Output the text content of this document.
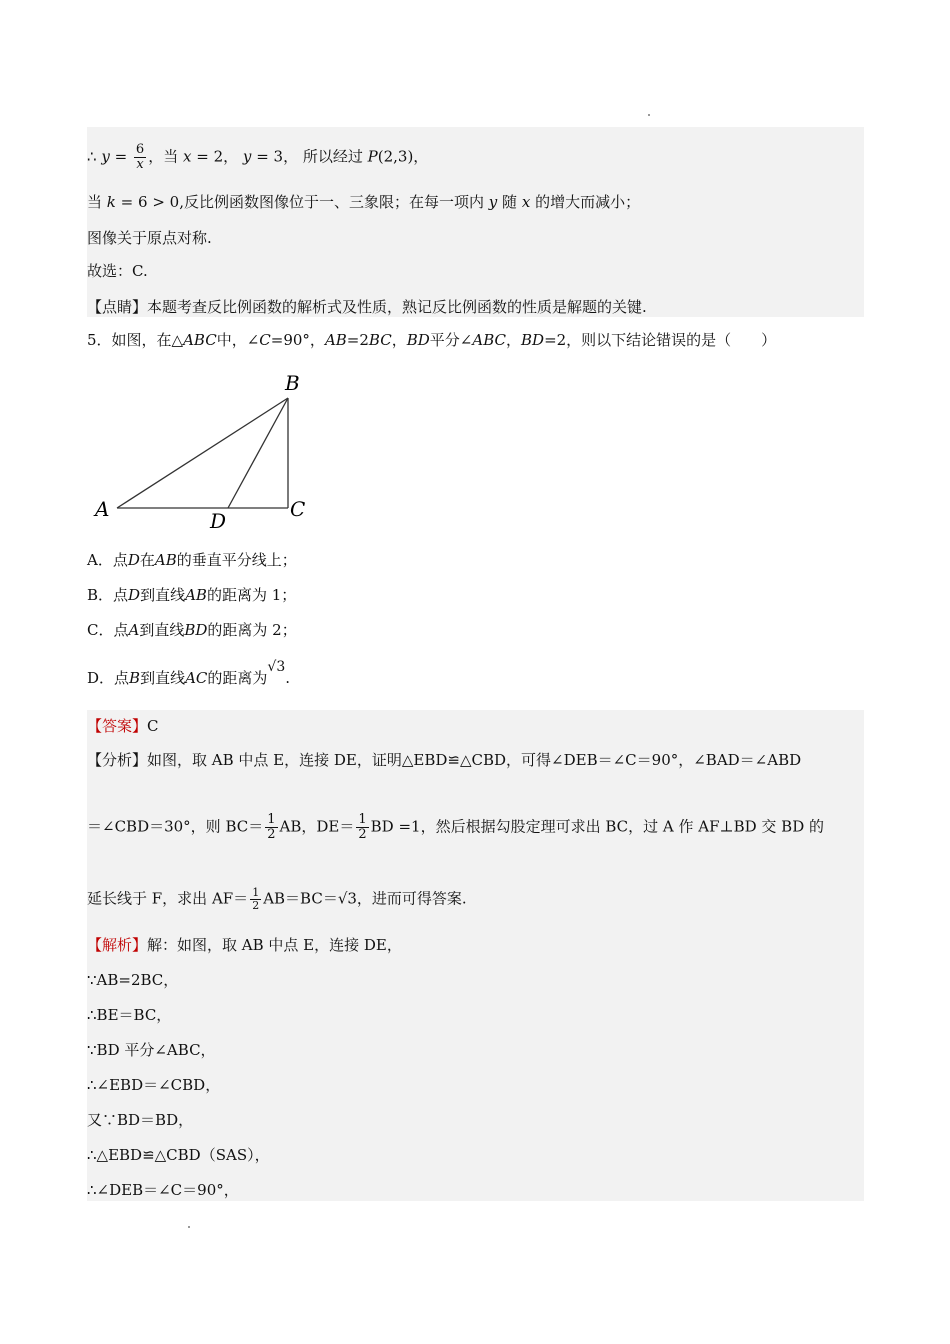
∴ $y = \frac{6}{x}$ ，当 x = 2， y = 3， 所以经过 P(2,3)，
当 k = 6 > 0,反比例函数图像位于一、三象限；在每一项内 y 随 x 的增大而减小；
图像关于原点对称.
故选：C.
【点睛】本题考查反比例函数的解析式及性质，熟记反比例函数的性质是解题的关键.
5．如图，在△ABC中，∠C=90°，AB=2BC，BD平分∠ABC，BD=2，则以下结论错误的是（　　）
B
A	D	C
A．点D在AB的垂直平分线上；
B．点D到直线AB的距离为 1；
C．点A到直线BD的距离为 2；
D．点B到直线AC的距离为√3.
【答案】C
【分析】如图，取 AB 中点 E，连接 DE，证明△EBD≌△CBD，可得∠DEB＝∠C＝90°，∠BAD＝∠ABD
＝∠CBD＝30°，则 $BC= \frac{1}{2}$ AB，$DE= \frac{1}{2}$ BD =1，然后根据勾股定理可求出 BC，过 A 作 AF⊥BD 交 BD 的
延长线于 F，求出 $AF= \frac{1}{2} AB=BC=√3$，进而可得答案.
【解析】解：如图，取 AB 中点 E，连接 DE，
∵AB=2BC，
∴BE＝BC，
∵BD 平分∠ABC，
∴∠EBD＝∠CBD，
又∵BD＝BD，
∴△EBD≌△CBD（SAS），
∴∠DEB＝∠C＝90°，
